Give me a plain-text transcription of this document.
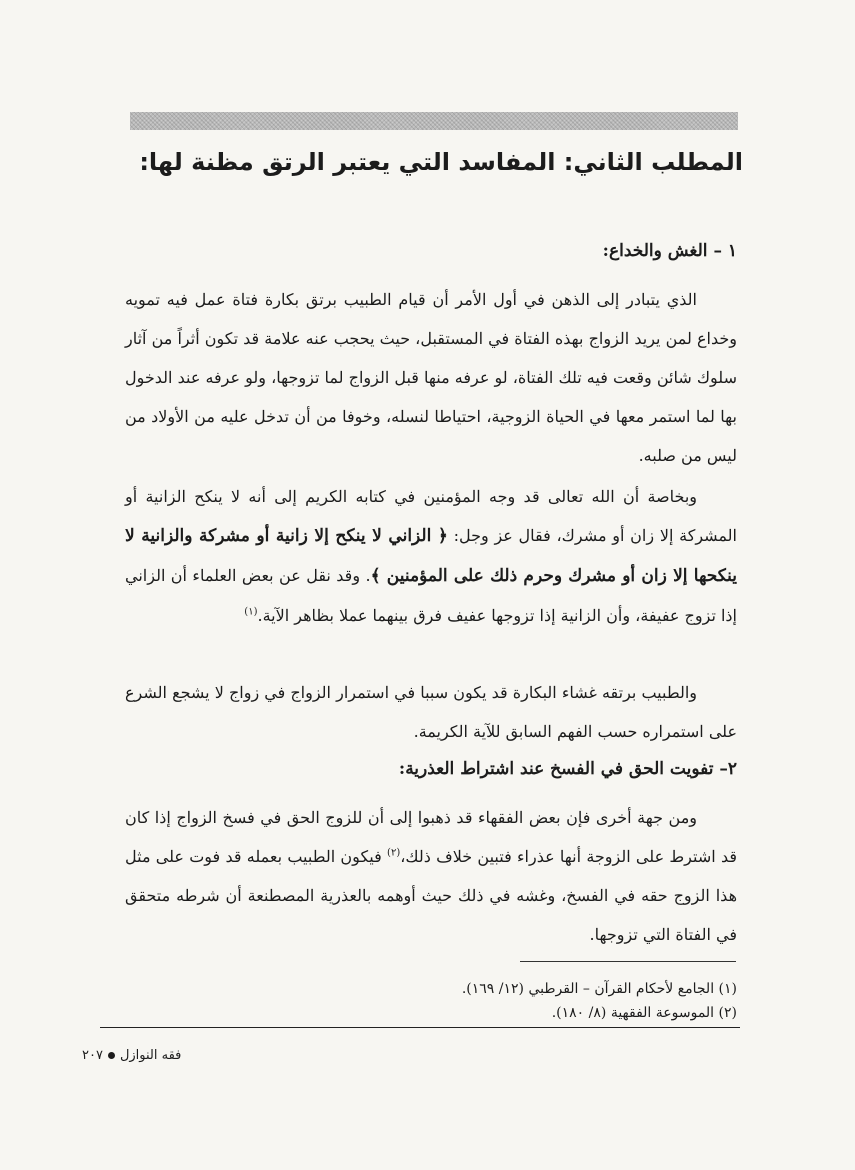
المطلب الثاني: المفاسد التي يعتبر الرتق مظنة لها:
١ – الغش والخداع:

الذي يتبادر إلى الذهن في أول الأمر أن قيام الطبيب برتق بكارة فتاة عمل فيه تمويه وخداع لمن يريد الزواج بهذه الفتاة في المستقبل، حيث يحجب عنه علامة قد تكون أثراً من آثار سلوك شائن وقعت فيه تلك الفتاة، لو عرفه منها قبل الزواج لما تزوجها، ولو عرفه عند الدخول بها لما استمر معها في الحياة الزوجية، احتياطا لنسله، وخوفا من أن تدخل عليه من الأولاد من ليس من صلبه.

وبخاصة أن الله تعالى قد وجه المؤمنين في كتابه الكريم إلى أنه لا ينكح الزانية أو المشركة إلا زان أو مشرك، فقال عز وجل: ﴿ الزاني لا ينكح إلا زانية أو مشركة والزانية لا ينكحها إلا زان أو مشرك وحرم ذلك على المؤمنين ﴾. وقد نقل عن بعض العلماء أن الزاني إذا تزوج عفيفة، وأن الزانية إذا تزوجها عفيف فرق بينهما عملا بظاهر الآية.$^{(١)}$

والطبيب برتقه غشاء البكارة قد يكون سببا في استمرار الزواج في زواج لا يشجع الشرع على استمراره حسب الفهم السابق للآية الكريمة.

٢– تفويت الحق في الفسخ عند اشتراط العذرية:

ومن جهة أخرى فإن بعض الفقهاء قد ذهبوا إلى أن للزوج الحق في فسخ الزواج إذا كان قد اشترط على الزوجة أنها عذراء فتبين خلاف ذلك،$^{(٢)}$ فيكون الطبيب بعمله قد فوت على مثل هذا الزوج حقه في الفسخ، وغشه في ذلك حيث أوهمه بالعذرية المصطنعة أن شرطه متحقق في الفتاة التي تزوجها.

(١) الجامع لأحكام القرآن – القرطبي (١٢/ ١٦٩).

(٢) الموسوعة الفقهية (٨/ ١٨٠).

فقه النوازل٢٠٧
